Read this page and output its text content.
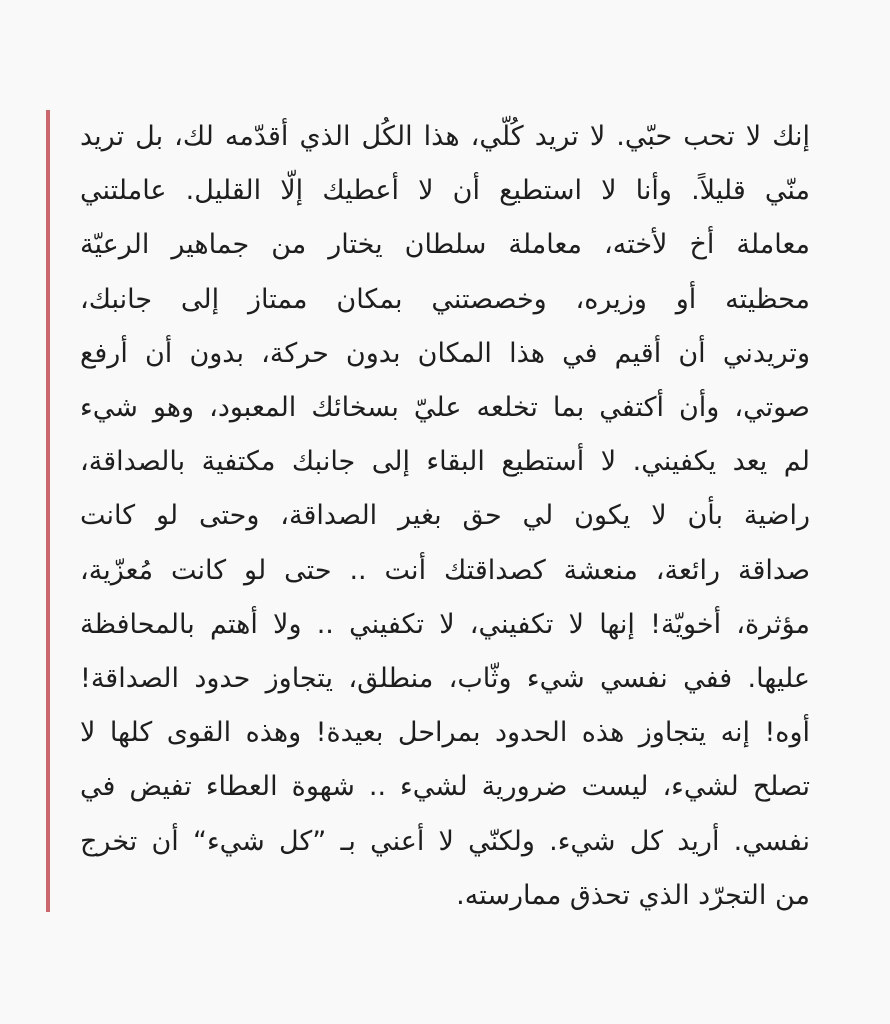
إنك لا تحب حبّي. لا تريد كُلّي، هذا الكُل الذي أقدّمه لك، بل تريد
منّي قليلاً. وأنا لا استطيع أن لا أعطيك إلّا القليل. عاملتني
معاملة أخ لأخته، معاملة سلطان يختار من جماهير الرعيّة
محظيته أو وزيره، وخصصتني بمكان ممتاز إلى جانبك،
وتريدني أن أقيم في هذا المكان بدون حركة، بدون أن أرفع
صوتي، وأن أكتفي بما تخلعه عليّ بسخائك المعبود، وهو شيء
لم يعد يكفيني. لا أستطيع البقاء إلى جانبك مكتفية بالصداقة،
راضية بأن لا يكون لي حق بغير الصداقة، وحتى لو كانت
صداقة رائعة، منعشة كصداقتك أنت .. حتى لو كانت مُعزّية،
مؤثرة، أخويّة! إنها لا تكفيني، لا تكفيني .. ولا أهتم بالمحافظة
عليها. ففي نفسي شيء وثّاب، منطلق، يتجاوز حدود الصداقة!
أوه! إنه يتجاوز هذه الحدود بمراحل بعيدة! وهذه القوى كلها لا
تصلح لشيء، ليست ضرورية لشيء .. شهوة العطاء تفيض في
نفسي. أريد كل شيء. ولكنّي لا أعني بـ ”كل شيء“ أن تخرج
من التجرّد الذي تحذق ممارسته.
